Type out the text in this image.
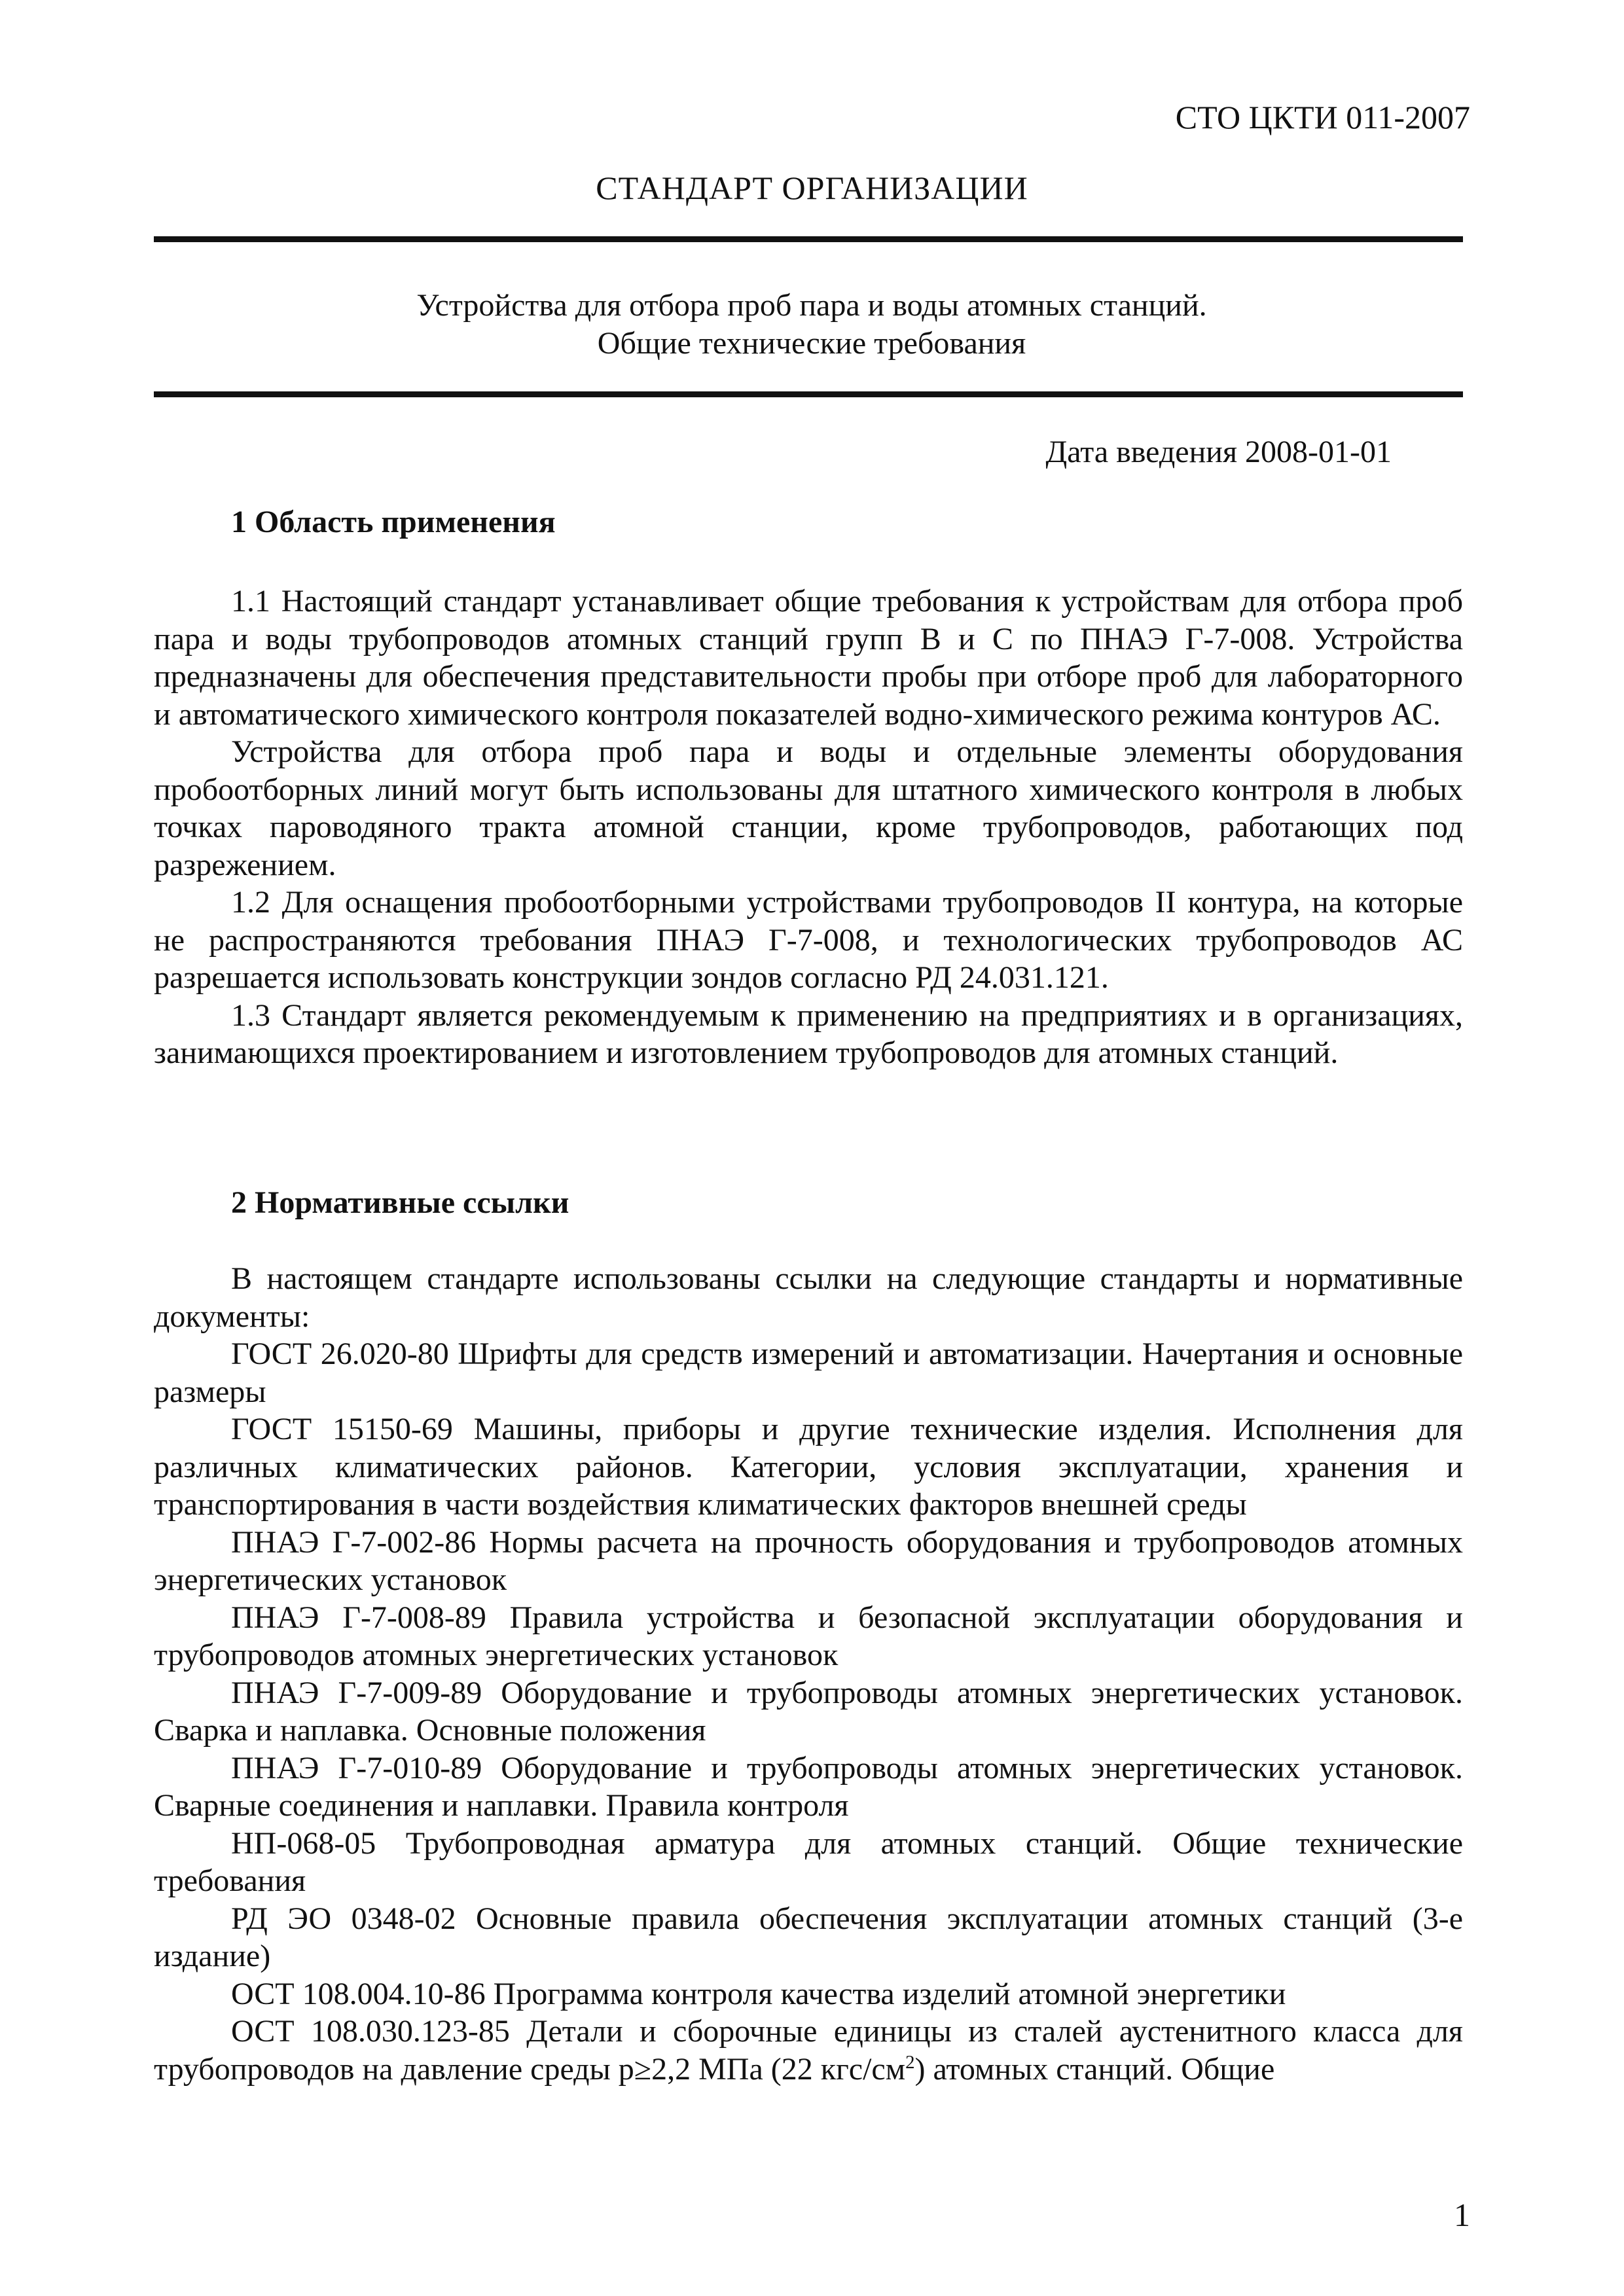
СТО ЦКТИ 011-2007
СТАНДАРТ ОРГАНИЗАЦИИ
Устройства для отбора проб пара и воды атомных станций.
Общие технические требования
Дата введения 2008-01-01
1 Область применения

1.1 Настоящий стандарт устанавливает общие требования к устройствам для отбора проб пара и воды трубопроводов атомных станций групп В и С по ПНАЭ Г-7-008. Устройства предназначены для обеспечения представительности пробы при отборе проб для лабораторного и автоматического химического контроля показателей водно-химического режима контуров АС.

Устройства для отбора проб пара и воды и отдельные элементы оборудования пробоотборных линий могут быть использованы для штатного химического контроля в любых точках пароводяного тракта атомной станции, кроме трубопроводов, работающих под разрежением.

1.2 Для оснащения пробоотборными устройствами трубопроводов II контура, на которые не распространяются требования ПНАЭ Г-7-008, и технологических трубопроводов АС разрешается использовать конструкции зондов согласно РД 24.031.121.

1.3 Стандарт является рекомендуемым к применению на предприятиях и в организациях, занимающихся проектированием и изготовлением трубопроводов для атомных станций.

2 Нормативные ссылки

В настоящем стандарте использованы ссылки на следующие стандарты и нормативные документы:

ГОСТ 26.020-80 Шрифты для средств измерений и автоматизации. Начертания и основные размеры

ГОСТ 15150-69 Машины, приборы и другие технические изделия. Исполнения для различных климатических районов. Категории, условия эксплуатации, хранения и транспортирования в части воздействия климатических факторов внешней среды

ПНАЭ Г-7-002-86 Нормы расчета на прочность оборудования и трубопроводов атомных энергетических установок

ПНАЭ Г-7-008-89 Правила устройства и безопасной эксплуатации оборудования и трубопроводов атомных энергетических установок

ПНАЭ Г-7-009-89 Оборудование и трубопроводы атомных энергетических установок. Сварка и наплавка. Основные положения

ПНАЭ Г-7-010-89 Оборудование и трубопроводы атомных энергетических установок. Сварные соединения и наплавки. Правила контроля

НП-068-05 Трубопроводная арматура для атомных станций. Общие технические требования

РД ЭО 0348-02 Основные правила обеспечения эксплуатации атомных станций (3-е издание)

ОСТ 108.004.10-86 Программа контроля качества изделий атомной энергетики

ОСТ 108.030.123-85 Детали и сборочные единицы из сталей аустенитного класса для трубопроводов на давление среды р≥2,2 МПа (22 кгс/$см^2$) атомных станций. Общие

1
